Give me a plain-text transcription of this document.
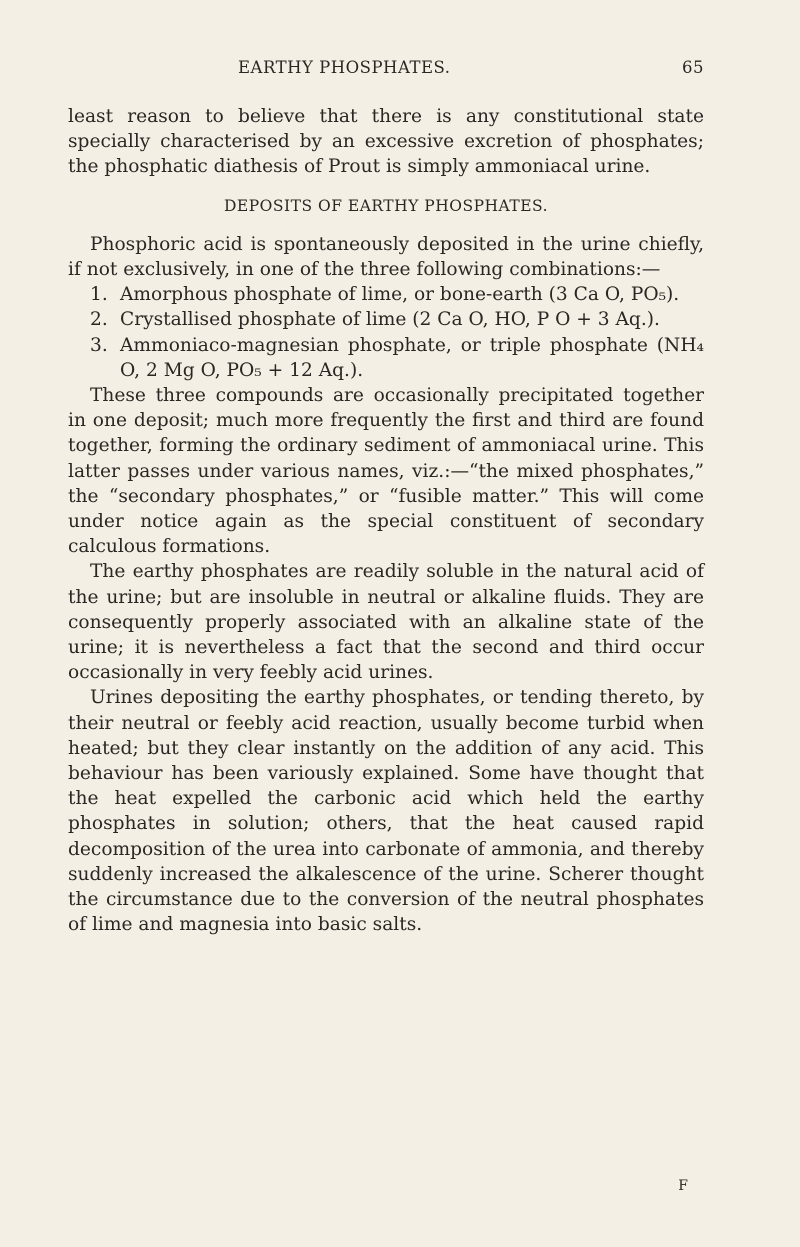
EARTHY PHOSPHATES.	65

least reason to believe that there is any constitutional state specially characterised by an excessive excretion of phosphates; the phosphatic diathesis of Prout is simply ammoniacal urine.

DEPOSITS OF EARTHY PHOSPHATES.

Phosphoric acid is spontaneously deposited in the urine chiefly, if not exclusively, in one of the three following combinations:—

1. Amorphous phosphate of lime, or bone-earth (3 Ca O, PO₅).
2. Crystallised phosphate of lime (2 Ca O, HO, P O + 3 Aq.).
3. Ammoniaco-magnesian phosphate, or triple phosphate (NH₄ O, 2 Mg O, PO₅ + 12 Aq.).

These three compounds are occasionally precipitated together in one deposit; much more frequently the first and third are found together, forming the ordinary sediment of ammoniacal urine. This latter passes under various names, viz.:—“the mixed phosphates,” the “secondary phosphates,” or “fusible matter.” This will come under notice again as the special constituent of secondary calculous formations.

The earthy phosphates are readily soluble in the natural acid of the urine; but are insoluble in neutral or alkaline fluids. They are consequently properly associated with an alkaline state of the urine; it is nevertheless a fact that the second and third occur occasionally in very feebly acid urines.

Urines depositing the earthy phosphates, or tending thereto, by their neutral or feebly acid reaction, usually become turbid when heated; but they clear instantly on the addition of any acid. This behaviour has been variously explained. Some have thought that the heat expelled the carbonic acid which held the earthy phosphates in solution; others, that the heat caused rapid decomposition of the urea into carbonate of ammonia, and thereby suddenly increased the alkalescence of the urine. Scherer thought the circumstance due to the conversion of the neutral phosphates of lime and magnesia into basic salts.

F
